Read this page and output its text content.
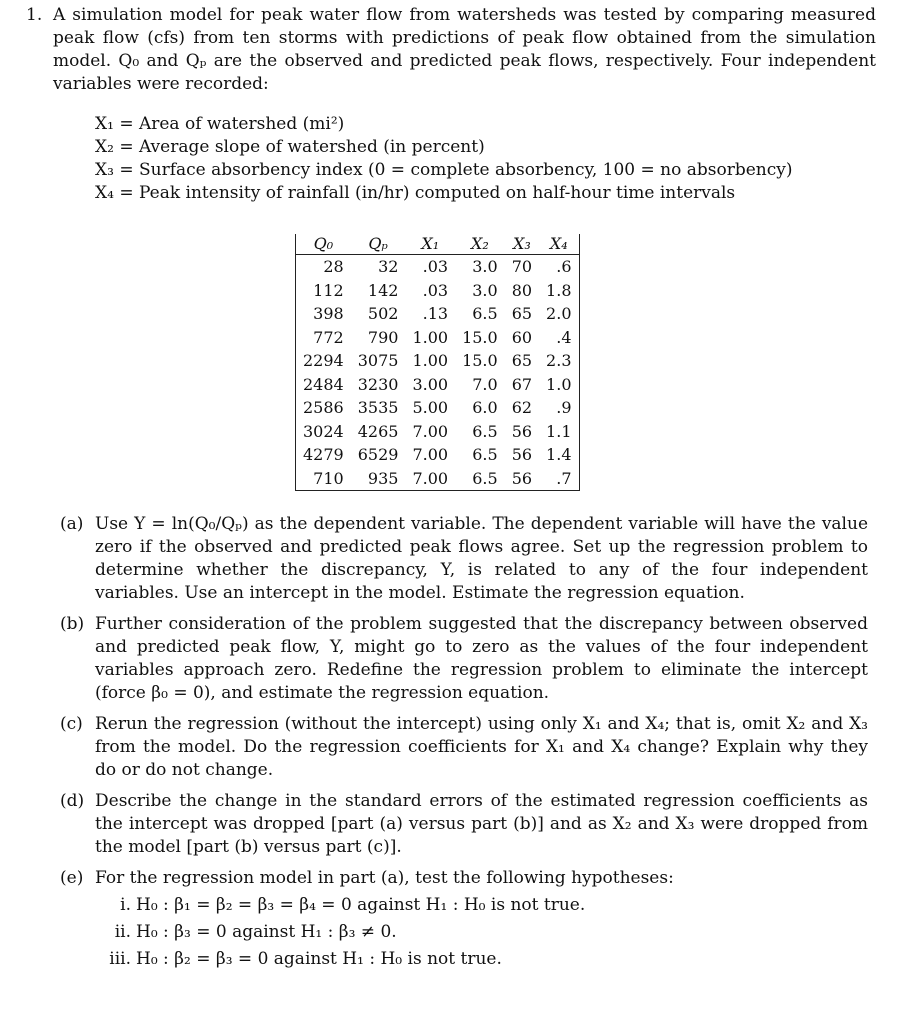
1. A simulation model for peak water flow from watersheds was tested by comparing measured peak flow (cfs) from ten storms with predictions of peak flow obtained from the simulation model. Q₀ and Qₚ are the observed and predicted peak flows, respectively. Four independent variables were recorded:
X₁ = Area of watershed (mi²)
X₂ = Average slope of watershed (in percent)
X₃ = Surface absorbency index (0 = complete absorbency, 100 = no absorbency)
X₄ = Peak intensity of rainfall (in/hr) computed on half-hour time intervals
Q₀	Qₚ	X₁	X₂	X₃	X₄
28	32	.03	3.0	70	.6
112	142	.03	3.0	80	1.8
398	502	.13	6.5	65	2.0
772	790	1.00	15.0	60	.4
2294	3075	1.00	15.0	65	2.3
2484	3230	3.00	7.0	67	1.0
2586	3535	5.00	6.0	62	.9
3024	4265	7.00	6.5	56	1.1
4279	6529	7.00	6.5	56	1.4
710	935	7.00	6.5	56	.7
(a) Use Y = ln(Q₀/Qₚ) as the dependent variable. The dependent variable will have the value zero if the observed and predicted peak flows agree. Set up the regression problem to determine whether the discrepancy, Y, is related to any of the four independent variables. Use an intercept in the model. Estimate the regression equation.
(b) Further consideration of the problem suggested that the discrepancy between observed and predicted peak flow, Y, might go to zero as the values of the four independent variables approach zero. Redefine the regression problem to eliminate the intercept (force β₀ = 0), and estimate the regression equation.
(c) Rerun the regression (without the intercept) using only X₁ and X₄; that is, omit X₂ and X₃ from the model. Do the regression coefficients for X₁ and X₄ change? Explain why they do or do not change.
(d) Describe the change in the standard errors of the estimated regression coefficients as the intercept was dropped [part (a) versus part (b)] and as X₂ and X₃ were dropped from the model [part (b) versus part (c)].
(e) For the regression model in part (a), test the following hypotheses:
i. H₀ : β₁ = β₂ = β₃ = β₄ = 0 against H₁ : H₀ is not true.
ii. H₀ : β₃ = 0 against H₁ : β₃ ≠ 0.
iii. H₀ : β₂ = β₃ = 0 against H₁ : H₀ is not true.
